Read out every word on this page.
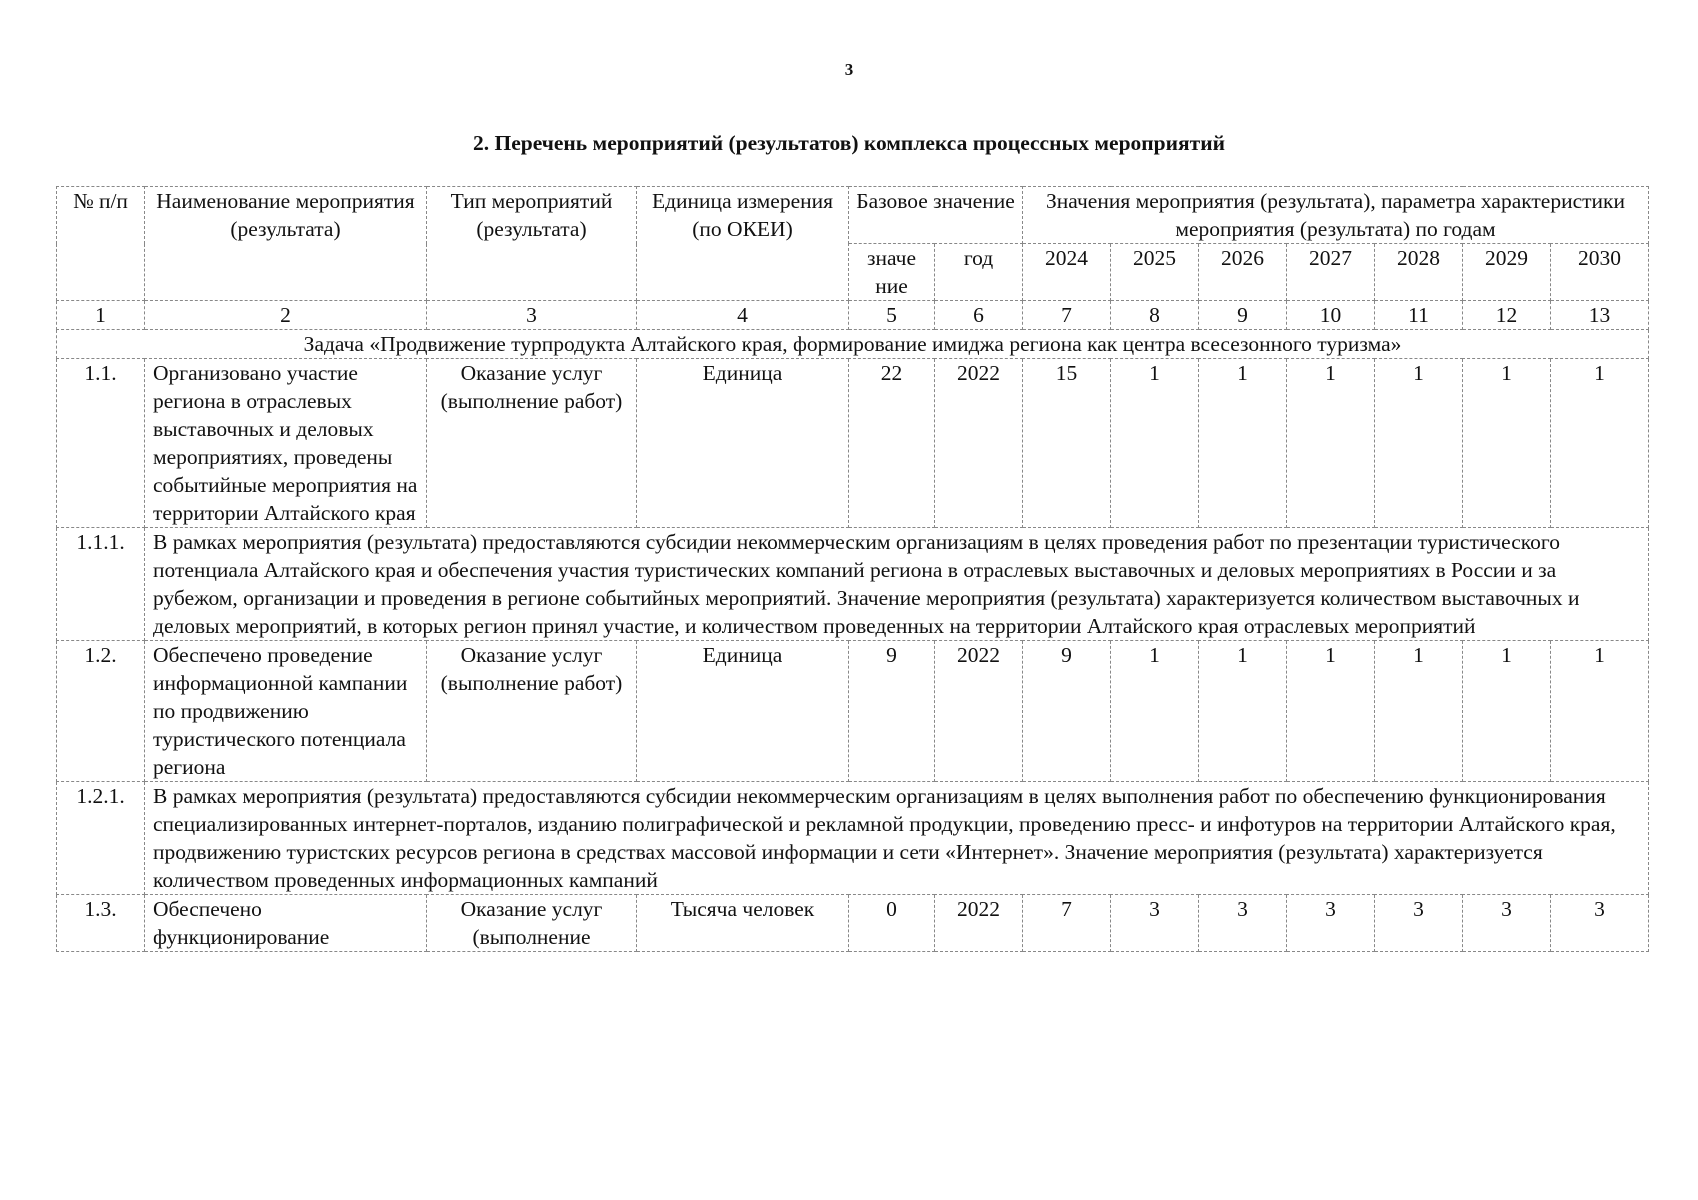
3
2. Перечень мероприятий (результатов) комплекса процессных мероприятий
№ п/п	Наименование мероприятия (результата)	Тип мероприятий (результата)	Единица измерения (по ОКЕИ)	Базовое значение		Значения мероприятия (результата), параметра характеристики мероприятия (результата) по годам						
				значе ние	год	2024	2025	2026	2027	2028	2029	2030
1	2	3	4	5	6	7	8	9	10	11	12	13
Задача «Продвижение турпродукта Алтайского края, формирование имиджа региона как центра всесезонного туризма»												
1.1.	Организовано участие региона в отраслевых выставочных и деловых мероприятиях, проведены событийные мероприятия на территории Алтайского края	Оказание услуг (выполнение работ)	Единица	22	2022	15	1	1	1	1	1	1
1.1.1.	В рамках мероприятия (результата) предоставляются субсидии некоммерческим организациям в целях проведения работ по презентации туристического потенциала Алтайского края и обеспечения участия туристических компаний региона в отраслевых выставочных и деловых мероприятиях в России и за рубежом, организации и проведения в регионе событийных мероприятий. Значение мероприятия (результата) характеризуется количеством выставочных и деловых мероприятий, в которых регион принял участие, и количеством проведенных на территории Алтайского края отраслевых мероприятий											
1.2.	Обеспечено проведение информационной кампании по продвижению туристического потенциала региона	Оказание услуг (выполнение работ)	Единица	9	2022	9	1	1	1	1	1	1
1.2.1.	В рамках мероприятия (результата) предоставляются субсидии некоммерческим организациям в целях выполнения работ по обеспечению функционирования специализированных интернет-порталов, изданию полиграфической и рекламной продукции, проведению пресс- и инфотуров на территории Алтайского края, продвижению туристских ресурсов региона в средствах массовой информации и сети «Интернет». Значение мероприятия (результата) характеризуется количеством проведенных информационных кампаний											
1.3.	Обеспечено функционирование	Оказание услуг (выполнение	Тысяча человек	0	2022	7	3	3	3	3	3	3
